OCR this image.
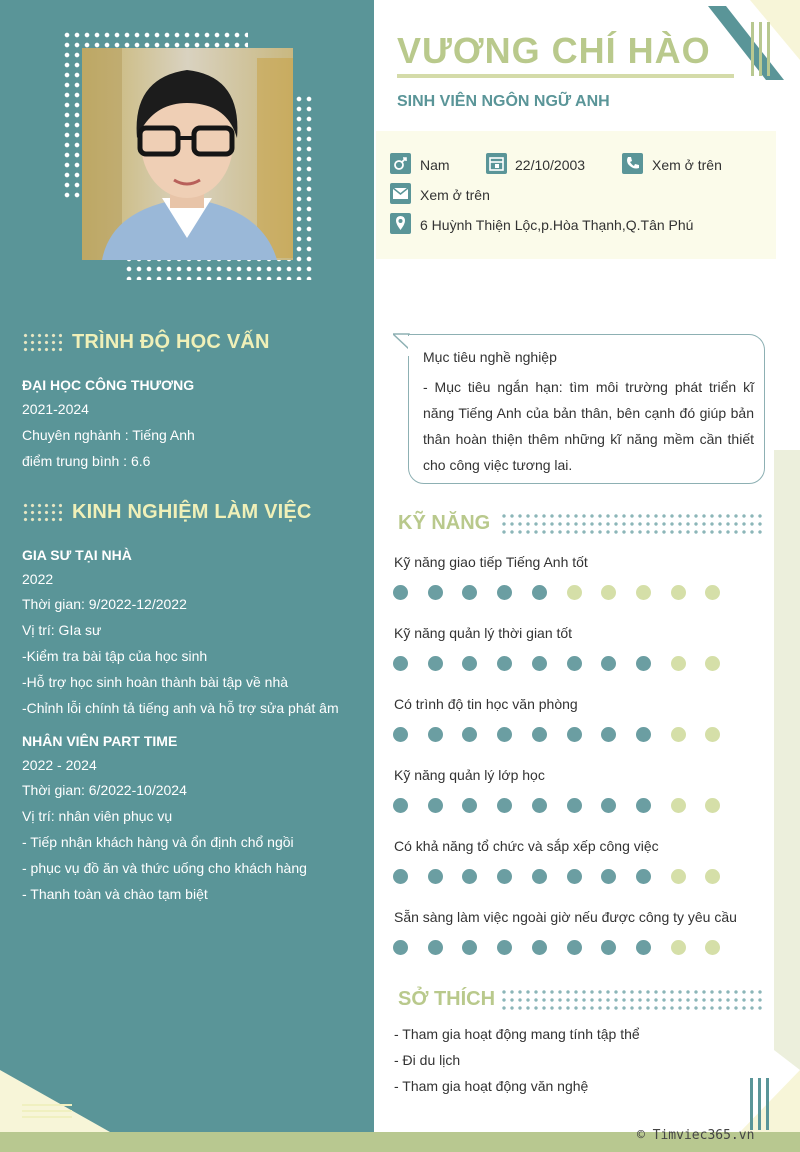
TRÌNH ĐỘ HỌC VẤN
ĐẠI HỌC CÔNG THƯƠNG
2021-2024
Chuyên nghành : Tiếng Anh
điểm trung bình : 6.6
KINH NGHIỆM LÀM VIỆC
GIA SƯ TẠI NHÀ
2022
Thời gian: 9/2022-12/2022
Vị trí: GIa sư
-Kiểm tra bài tập của học sinh
-Hỗ trợ học sinh hoàn thành bài tập về nhà
-Chỉnh lỗi chính tả tiếng anh và hỗ trợ sửa phát âm
NHÂN VIÊN PART TIME
2022 - 2024
Thời gian: 6/2022-10/2024
Vị trí: nhân viên phục vụ
- Tiếp nhận khách hàng và ổn định chổ ngồi
- phục vụ đồ ăn và thức uống cho khách hàng
- Thanh toàn và chào tạm biệt
VƯƠNG CHÍ HÀO
SINH VIÊN NGÔN NGỮ ANH
Nam	22/10/2003	Xem ở trên
Xem ở trên
6 Huỳnh Thiện Lộc,p.Hòa Thạnh,Q.Tân Phú
Mục tiêu nghề nghiệp
- Mục tiêu ngắn hạn: tìm môi trường phát triển kĩ năng Tiếng Anh của bản thân, bên cạnh đó giúp bản thân hoàn thiện thêm những kĩ năng mềm cần thiết cho công việc tương lai.
KỸ NĂNG
Kỹ năng giao tiếp Tiếng Anh tốt
Kỹ năng quản lý thời gian tốt
Có trình độ tin học văn phòng
Kỹ năng quản lý lớp học
Có khả năng tổ chức và sắp xếp công việc
Sẵn sàng làm việc ngoài giờ nếu được công ty yêu cầu
SỞ THÍCH
- Tham gia hoạt động mang tính tập thể
- Đi du lịch
- Tham gia hoạt động văn nghệ
© Timviec365.vn
